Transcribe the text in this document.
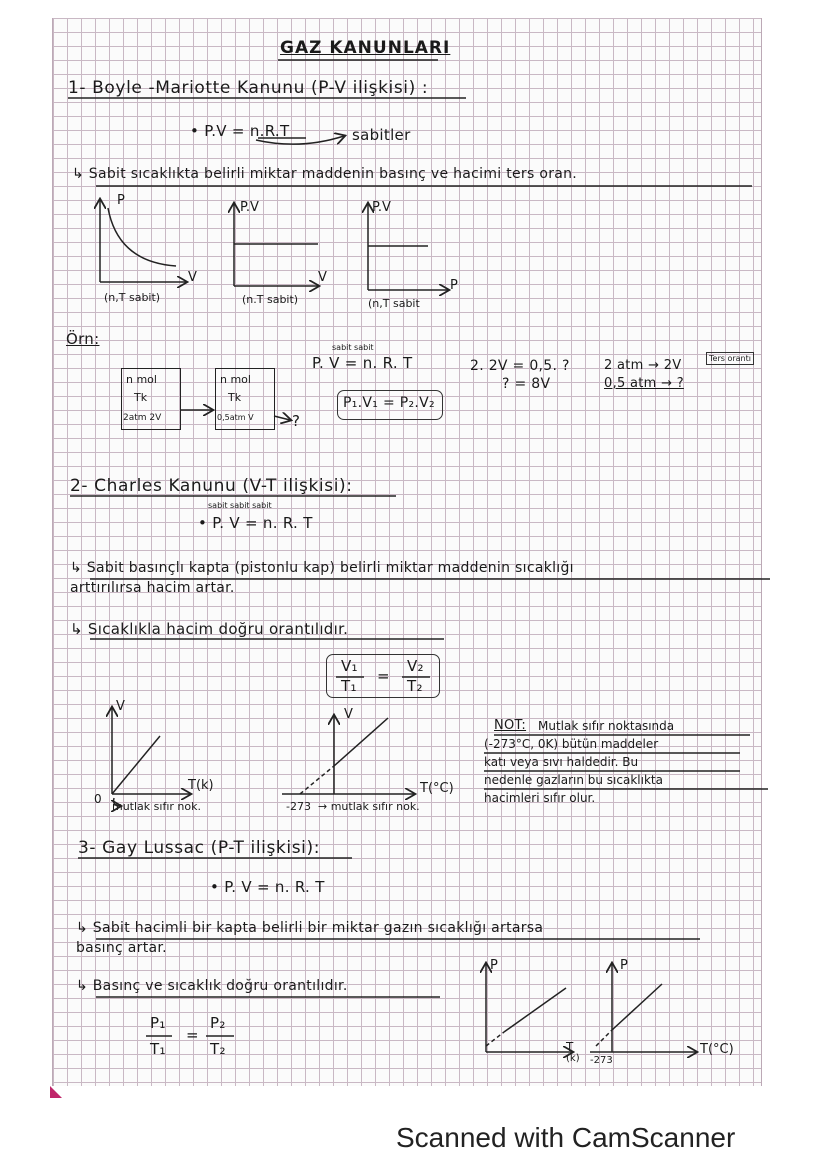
GAZ KANUNLARI
1- Boyle -Mariotte Kanunu (P-V ilişkisi) :
• P.V = n.R.T	sabitler
↳ Sabit sıcaklıkta belirli miktar maddenin basınç ve hacimi ters oran.
P
V
(n,T sabit)
P.V
V
(n.T sabit)
P.V
P
(n,T sabit
Örn:
n mol
Tk
2atm 2V
n mol
Tk
0,5atm V	?
sabit sabit
P. V = n. R. T
P₁.V₁ = P₂.V₂
2. 2V = 0,5. ?
? = 8V
2 atm → 2V
0,5 atm → ?
Ters orantı
2- Charles Kanunu (V-T ilişkisi):
sabit sabit sabit
• P. V = n. R. T
↳ Sabit basınçlı kapta (pistonlu kap) belirli miktar maddenin sıcaklığı
arttırılırsa hacim artar.
↳ Sıcaklıkla hacim doğru orantılıdır.
V₁
T₁
=
V₂
T₂
V
T(k)
0
mutlak sıfır nok.
V
T(°C)
-273 → mutlak sıfır nok.
NOT: Mutlak sıfır noktasında
(-273°C, 0K) bütün maddeler
katı veya sıvı haldedir. Bu
nedenle gazların bu sıcaklıkta
hacimleri sıfır olur.
3- Gay Lussac (P-T ilişkisi):
• P. V = n. R. T
↳ Sabit hacimli bir kapta belirli bir miktar gazın sıcaklığı artarsa
basınç artar.
↳ Basınç ve sıcaklık doğru orantılıdır.
P₁
T₁
=
P₂
T₂
P
T
(k)
P
-273
T(°C)
Scanned with CamScanner
